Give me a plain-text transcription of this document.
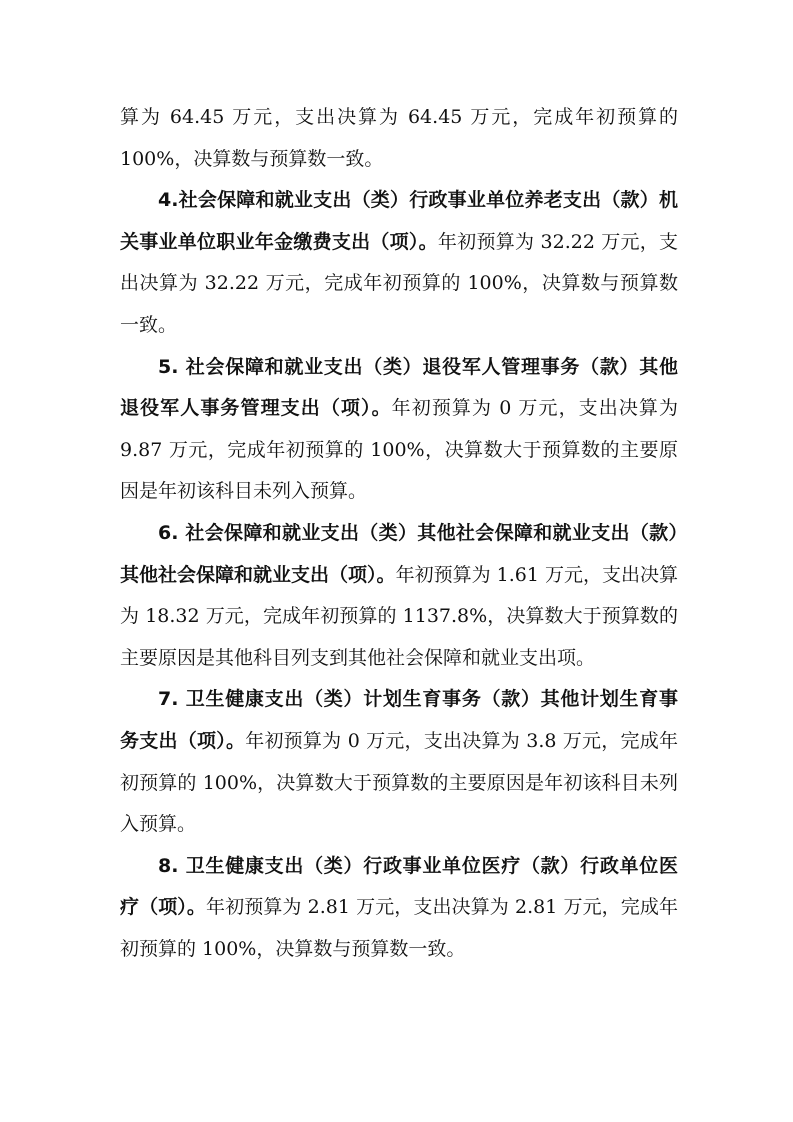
算为 64.45 万元，支出决算为 64.45 万元，完成年初预算的 100%，决算数与预算数一致。

4.社会保障和就业支出（类）行政事业单位养老支出（款）机关事业单位职业年金缴费支出（项）。年初预算为 32.22 万元，支出决算为 32.22 万元，完成年初预算的 100%，决算数与预算数一致。

5. 社会保障和就业支出（类）退役军人管理事务（款）其他退役军人事务管理支出（项）。年初预算为 0 万元，支出决算为 9.87 万元，完成年初预算的 100%，决算数大于预算数的主要原因是年初该科目未列入预算。

6. 社会保障和就业支出（类）其他社会保障和就业支出（款）其他社会保障和就业支出（项）。年初预算为 1.61 万元，支出决算为 18.32 万元，完成年初预算的 1137.8%，决算数大于预算数的主要原因是其他科目列支到其他社会保障和就业支出项。

7. 卫生健康支出（类）计划生育事务（款）其他计划生育事务支出（项）。年初预算为 0 万元，支出决算为 3.8 万元，完成年初预算的 100%，决算数大于预算数的主要原因是年初该科目未列入预算。

8. 卫生健康支出（类）行政事业单位医疗（款）行政单位医疗（项）。年初预算为 2.81 万元，支出决算为 2.81 万元，完成年初预算的 100%，决算数与预算数一致。
